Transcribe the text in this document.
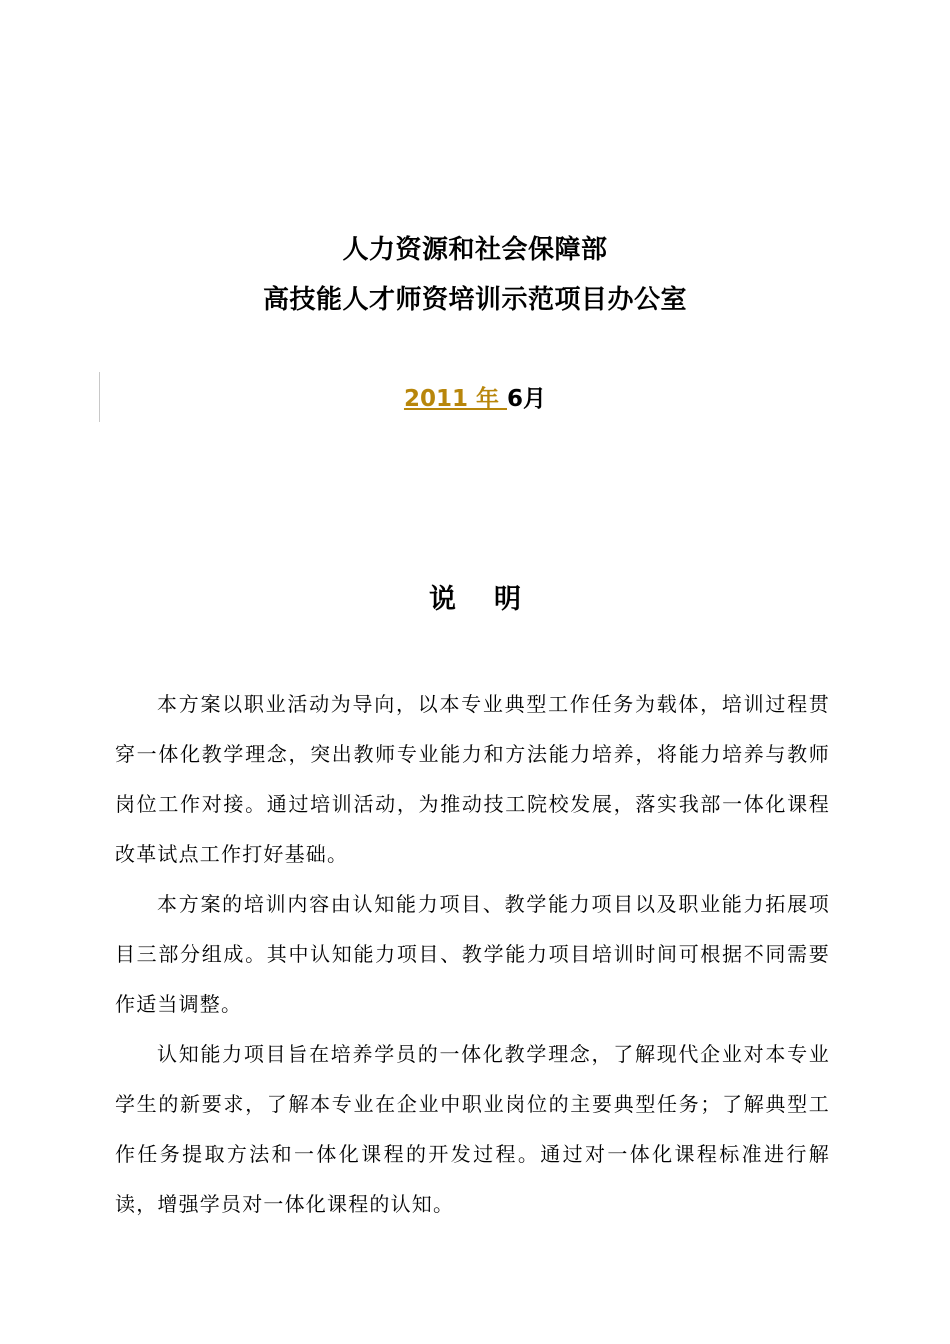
人力资源和社会保障部
高技能人才师资培训示范项目办公室
2011 年 6月
说明

本方案以职业活动为导向，以本专业典型工作任务为载体，培训过程贯穿一体化教学理念，突出教师专业能力和方法能力培养，将能力培养与教师岗位工作对接。通过培训活动，为推动技工院校发展，落实我部一体化课程改革试点工作打好基础。

本方案的培训内容由认知能力项目、教学能力项目以及职业能力拓展项目三部分组成。其中认知能力项目、教学能力项目培训时间可根据不同需要作适当调整。

认知能力项目旨在培养学员的一体化教学理念，了解现代企业对本专业学生的新要求，了解本专业在企业中职业岗位的主要典型任务；了解典型工作任务提取方法和一体化课程的开发过程。通过对一体化课程标准进行解读，增强学员对一体化课程的认知。
